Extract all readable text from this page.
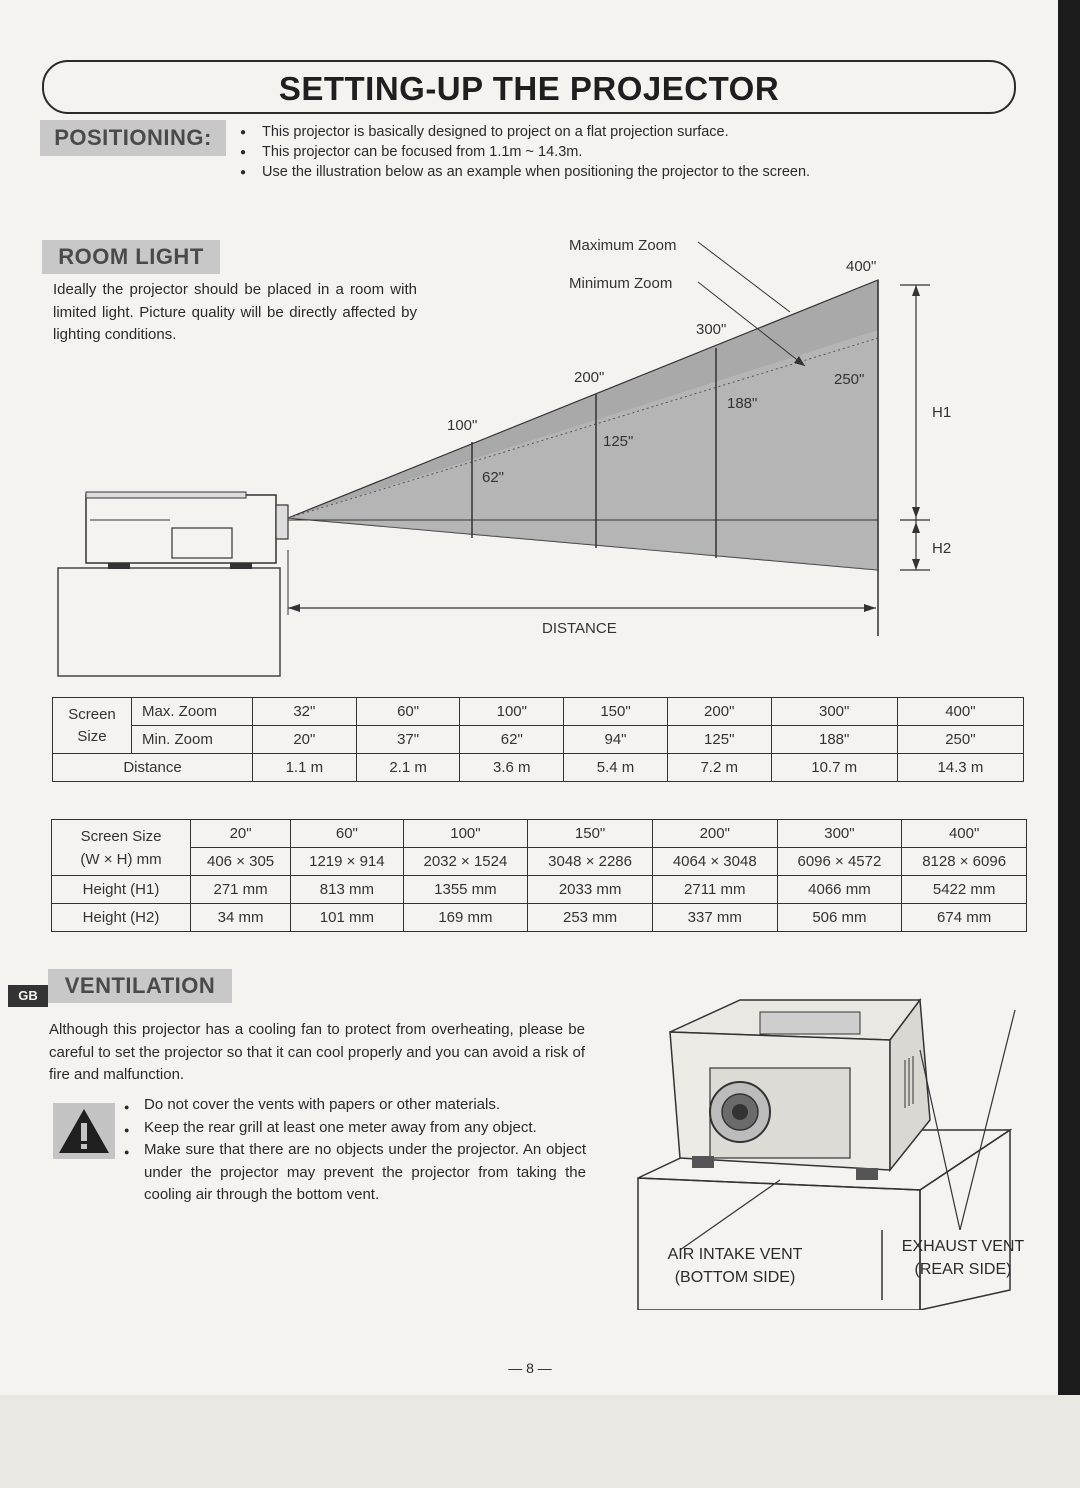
SETTING-UP THE PROJECTOR
POSITIONING:	● This projector is basically designed to project on a flat projection surface.
● This projector can be focused from 1.1m ~ 14.3m.
● Use the illustration below as an example when positioning the projector to the screen.
ROOM LIGHT
Ideally the projector should be placed in a room with limited light. Picture quality will be directly affected by lighting conditions.
Maximum Zoom
Minimum Zoom
100"
200"
300"
400"
62"
125"
188"
250"
H1
H2
DISTANCE
Screen
Size	Max. Zoom	32"	60"	100"	150"	200"	300"	400"
	Min. Zoom	20"	37"	62"	94"	125"	188"	250"
Distance		1.1 m	2.1 m	3.6 m	5.4 m	7.2 m	10.7 m	14.3 m
Screen Size
(W × H) mm	20"	60"	100"	150"	200"	300"	400"
	406 × 305	1219 × 914	2032 × 1524	3048 × 2286	4064 × 3048	6096 × 4572	8128 × 6096
Height (H1)	271 mm	813 mm	1355 mm	2033 mm	2711 mm	4066 mm	5422 mm
Height (H2)	34 mm	101 mm	169 mm	253 mm	337 mm	506 mm	674 mm
GB	VENTILATION
Although this projector has a cooling fan to protect from overheating, please be careful to set the projector so that it can cool properly and you can avoid a risk of fire and malfunction.
● Do not cover the vents with papers or other materials.
● Keep the rear grill at least one meter away from any object.
● Make sure that there are no objects under the projector. An object under the projector may prevent the projector from taking the cooling air through the bottom vent.
AIR INTAKE VENT
(BOTTOM SIDE)
EXHAUST VENT
(REAR SIDE)
— 8 —
